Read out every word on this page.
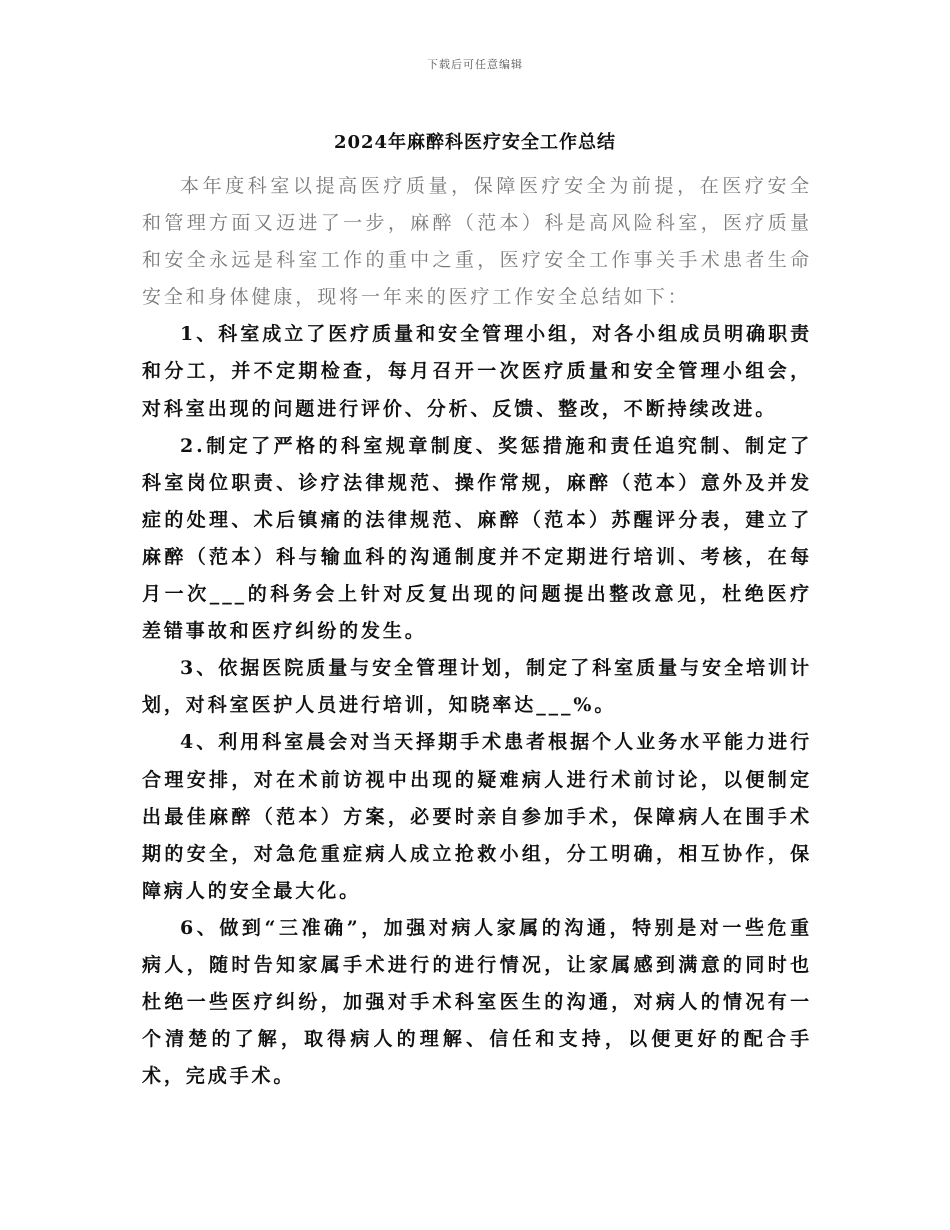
下载后可任意编辑
2024年麻醉科医疗安全工作总结

本年度科室以提高医疗质量，保障医疗安全为前提，在医疗安全和管理方面又迈进了一步，麻醉（范本）科是高风险科室，医疗质量和安全永远是科室工作的重中之重，医疗安全工作事关手术患者生命安全和身体健康，现将一年来的医疗工作安全总结如下：

1、科室成立了医疗质量和安全管理小组，对各小组成员明确职责和分工，并不定期检查，每月召开一次医疗质量和安全管理小组会，对科室出现的问题进行评价、分析、反馈、整改，不断持续改进。

2.制定了严格的科室规章制度、奖惩措施和责任追究制、制定了科室岗位职责、诊疗法律规范、操作常规，麻醉（范本）意外及并发症的处理、术后镇痛的法律规范、麻醉（范本）苏醒评分表，建立了麻醉（范本）科与输血科的沟通制度并不定期进行培训、考核，在每月一次___的科务会上针对反复出现的问题提出整改意见，杜绝医疗差错事故和医疗纠纷的发生。

3、依据医院质量与安全管理计划，制定了科室质量与安全培训计划，对科室医护人员进行培训，知晓率达___%。

4、利用科室晨会对当天择期手术患者根据个人业务水平能力进行合理安排，对在术前访视中出现的疑难病人进行术前讨论，以便制定出最佳麻醉（范本）方案，必要时亲自参加手术，保障病人在围手术期的安全，对急危重症病人成立抢救小组，分工明确，相互协作，保障病人的安全最大化。

6、做到“三准确”，加强对病人家属的沟通，特别是对一些危重病人，随时告知家属手术进行的进行情况，让家属感到满意的同时也杜绝一些医疗纠纷，加强对手术科室医生的沟通，对病人的情况有一个清楚的了解，取得病人的理解、信任和支持，以便更好的配合手术，完成手术。
